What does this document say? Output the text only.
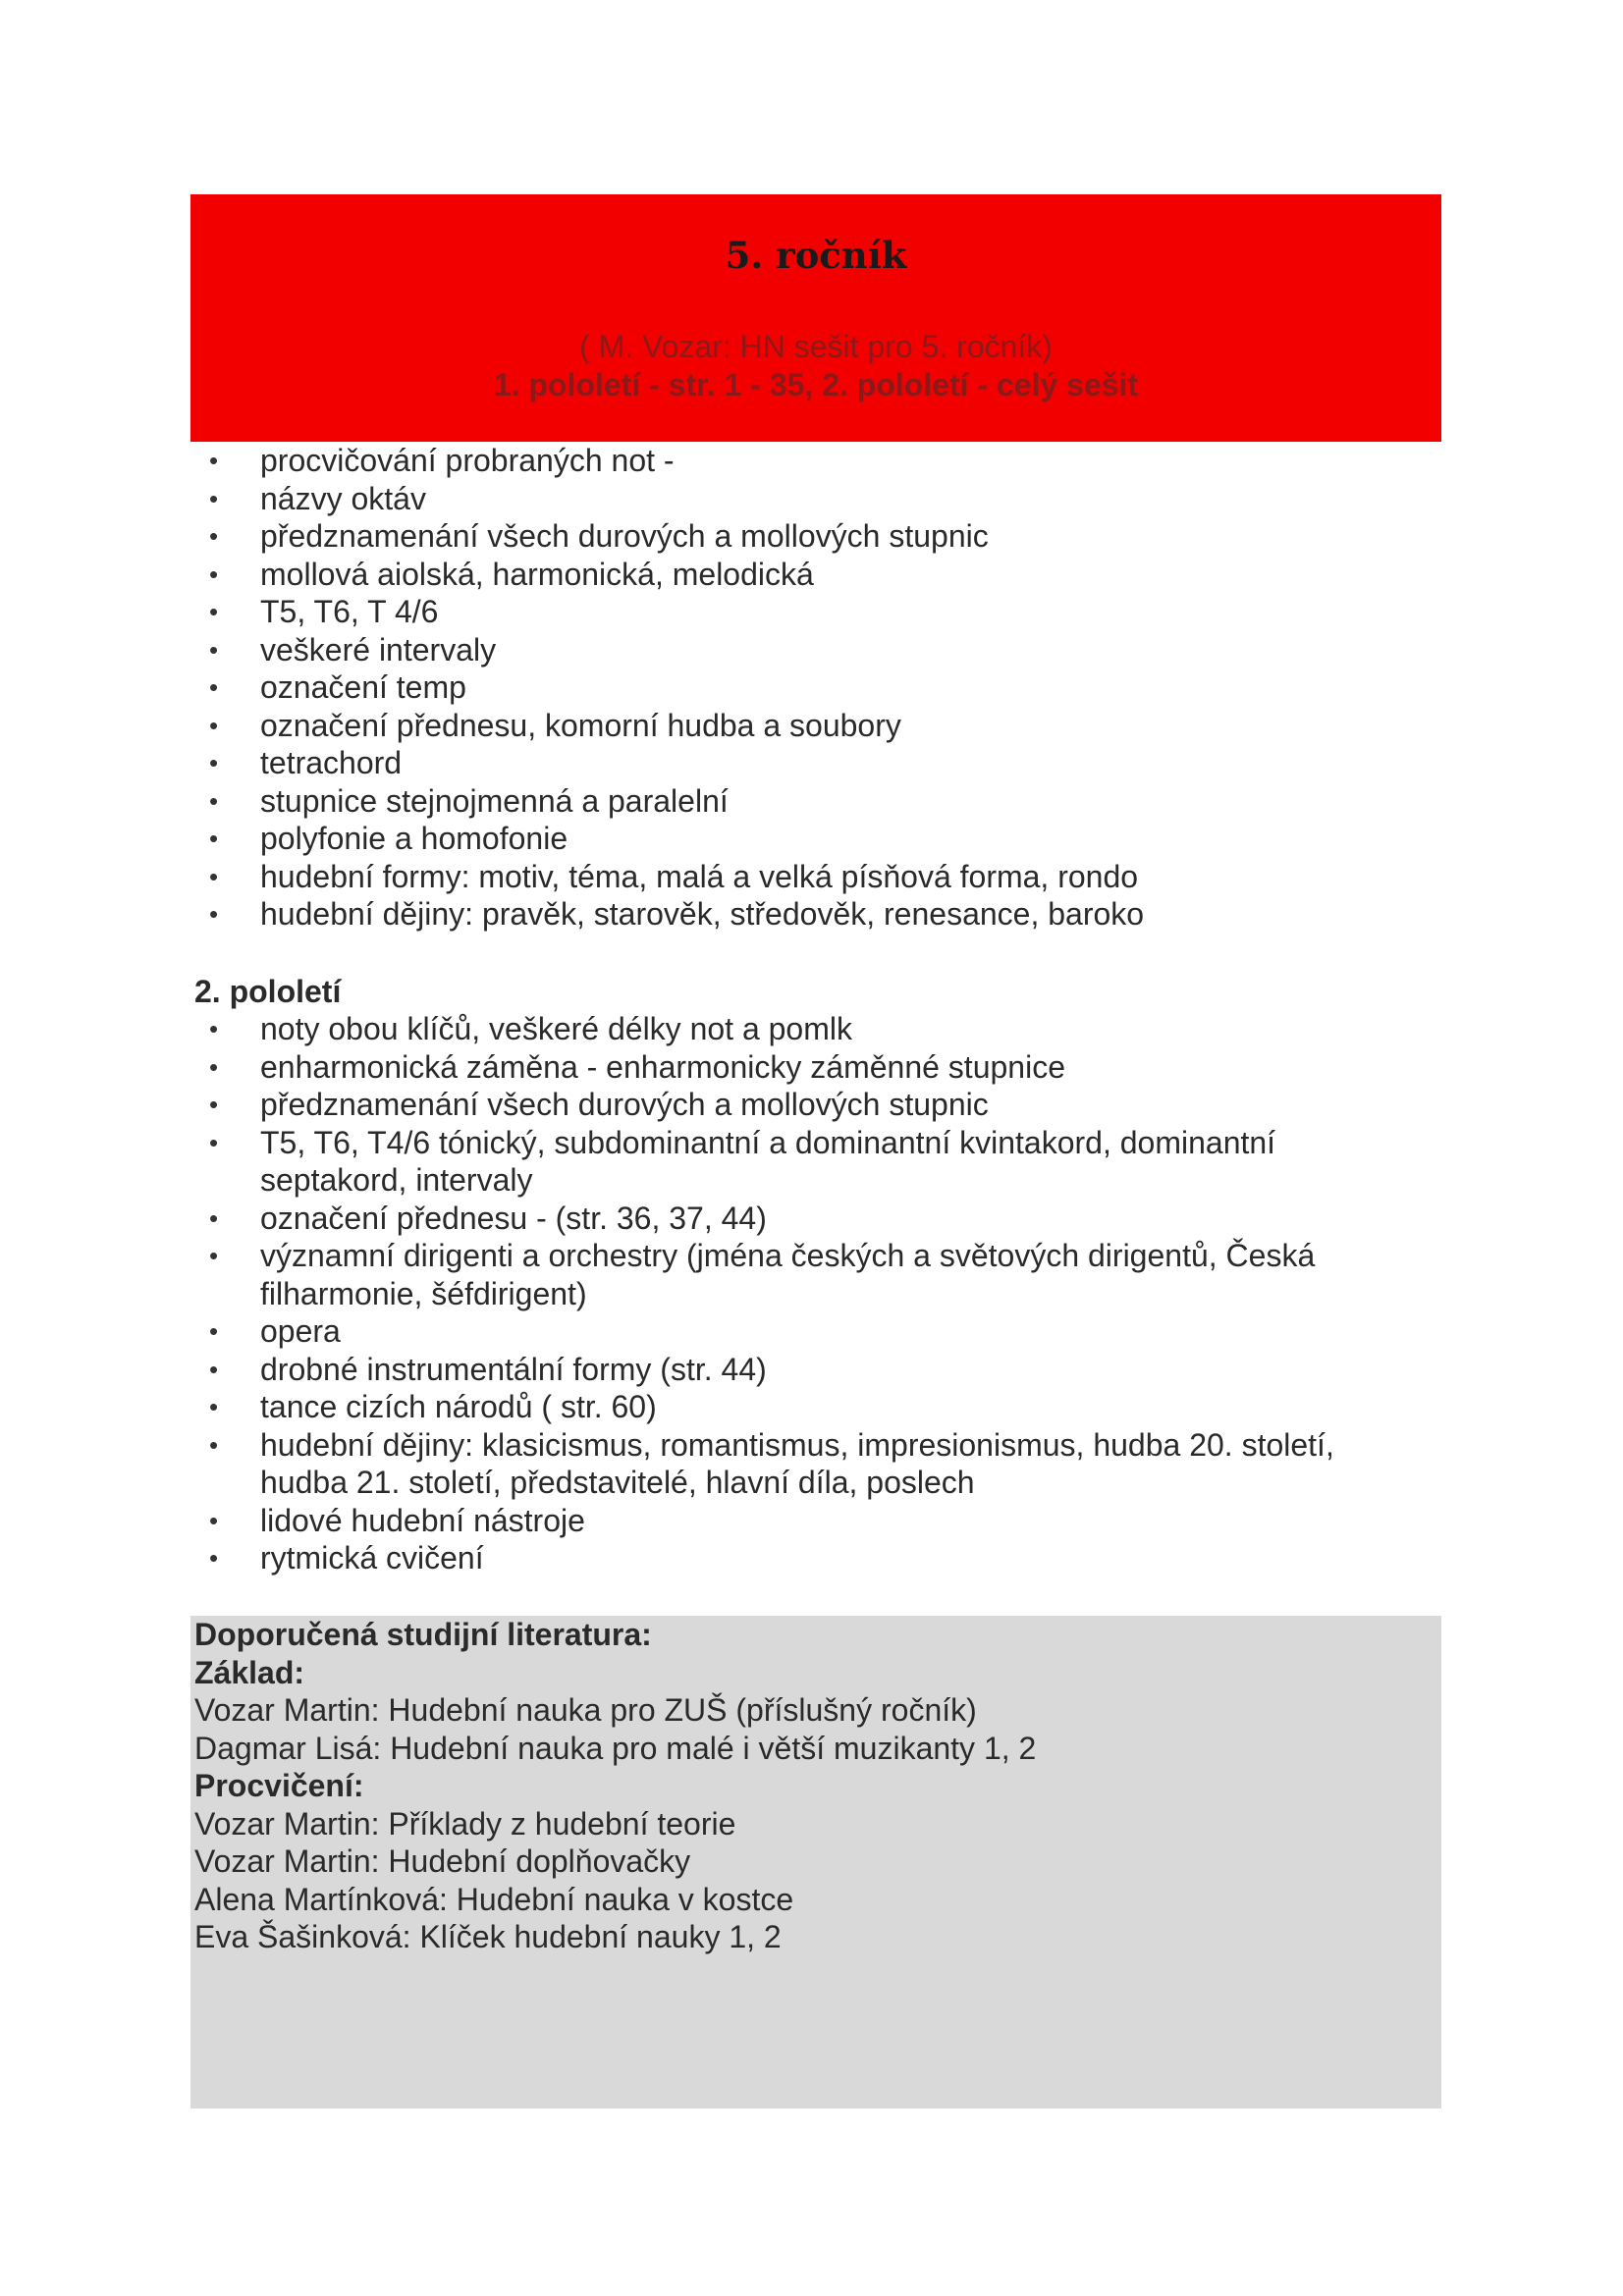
5. ročník

( M. Vozar: HN sešit pro 5. ročník)

1. pololetí - str. 1 - 35, 2. pololetí - celý sešit

• procvičování probraných not -
• názvy oktáv
• předznamenání všech durových a mollových stupnic
• mollová aiolská, harmonická, melodická
• T5, T6, T 4/6
• veškeré intervaly
• označení temp
• označení přednesu, komorní hudba a soubory
• tetrachord
• stupnice stejnojmenná a paralelní
• polyfonie a homofonie
• hudební formy: motiv, téma, malá a velká písňová forma, rondo
• hudební dějiny: pravěk, starověk, středověk, renesance, baroko
2. pololetí
• noty obou klíčů, veškeré délky not a pomlk
• enharmonická záměna - enharmonicky záměnné stupnice
• předznamenání všech durových a mollových stupnic
• T5, T6, T4/6 tónický, subdominantní a dominantní kvintakord, dominantní septakord, intervaly
• označení přednesu - (str. 36, 37, 44)
• významní dirigenti a orchestry (jména českých a světových dirigentů, Česká filharmonie, šéfdirigent)
• opera
• drobné instrumentální formy (str. 44)
• tance cizích národů ( str. 60)
• hudební dějiny: klasicismus, romantismus, impresionismus, hudba 20. století, hudba 21. století, představitelé, hlavní díla, poslech
• lidové hudební nástroje
• rytmická cvičení
Doporučená studijní literatura:
Základ:
Vozar Martin: Hudební nauka pro ZUŠ (příslušný ročník)
Dagmar Lisá: Hudební nauka pro malé i větší muzikanty 1, 2
Procvičení:
Vozar Martin: Příklady z hudební teorie
Vozar Martin: Hudební doplňovačky
Alena Martínková: Hudební nauka v kostce
Eva Šašinková: Klíček hudební nauky 1, 2
